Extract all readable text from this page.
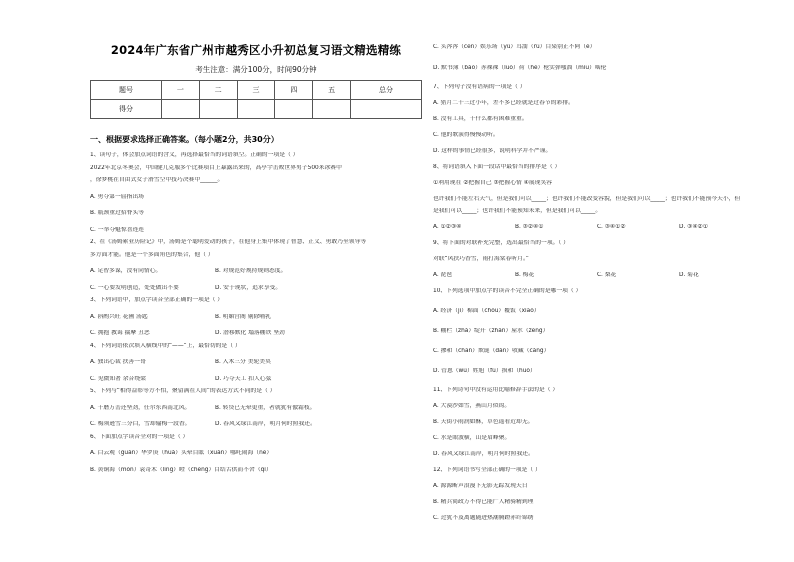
2024年广东省广州市越秀区小升初总复习语文精选精练
考生注意：满分100分，时间90分钟
题号	一	二	三	四	五	总分
得分						
一、根据要求选择正确答案。（每小题2分，共30分）
1、读句子，体会加点词语的含义，再选择最恰当的词语填空。正确的一项是（ ）
2022年北京冬奥会，中国健儿克服多个比赛项目上暴露出来的，高亭宇击败世界男子500米冰赛中
，徐梦桃在自由式女子滑雪空中技巧决赛中______。
A. 勇夺第一屈指出场
B. 瓶颈重过招脊头等
C. 一举夺魁惊喜连连
2、在《汤姆索亚历险记》中，汤姆是个聪明爱动的孩子，在他身上集中体现了智慧、正义、勇敢乃至领导等
多方面才能。他是一个多面角色的集合，他（ ）
A. 足智多谋，没有同情心。	B. 对规范好规持规则态度。
C. 一心要发明创造，处处做出不要	D. 安于现状，追求享受。
3、下列词语中，加点字读音全部正确的一项是（ ）
A. 斟酌兴旺 花圃 汤匙	B. 明媚宫阁 剔除哺乳
C. 拥抱 教诲 揣摩 丑恶	D. 潜移默化 塌落棚铁 坚劲
4、下列词语依次填入横线中的“——”上，最恰切的是（ ）
A. 独出心裁 扶善一哥	B. 入木三分 美轮美奂
C. 见微知著 余音绕梁	D. 巧夺天工 扣人心弦
5、下列与“相得益彰等方不怕，聚留满在人间”的表达方式不同的是（ ）
A. 千磨万击还坚劲，任尔东西南北风。	B. 转贷已无晕更重，者就犹有傲霜枝。
C. 梅须逊雪三分白，雪却输梅一段香。	D. 春风又绿江南岸，明月何时照我还。
6、下面加点字读音全对的一项是（ ）
A. 白云观（guàn）华罗庚（huà）头晕目眩（xuàn）哪吒闹海（né）
B. 黄铜海（mǒn）袁奇术（líng）瞪（chēng）目结舌供而不舍（qì）
C. 头涔涔（cén）娱乐场（yú）耳濡（rú）目染别正不阿（ē）
D. 默书簿（bào）赤裸裸（luǒ）荷（hè）枪实弹嗤溜（mǐu）啮伦
7、下列句子没有语病的一项是（ ）
A. 猎月二十三过小年，差不多已经就是过春节的彩排。
B. 没有工具，干什么都有困难重重。
C. 他的歌演得慢慢动听。
D. 这样的事情已经很多，说明科学并不严谨。
8、将词语填入下面一段话中最恰当的排序是（ ）
①利用现在 ②把握自己 ③把握心情 ④展现笑容
也许我们不能左右天气，但是我们可以_____；也许我们不能改变容貌，但是我们可以_____；也许我们不能预今天小，但
是我们可以_____；也许我们不能预知未来，但是我们可以_____。
A. ①②③④	B. ③②④①	C. ③④①②	D. ③④②①
9、将下面的对联补充完整，选出最恰当的一项。（ ）
对联“风扶巧香雪，雨打海棠春听月。”
A. 琵琶	B. 梅花	C. 梨花	D. 菊花
10、下列选项中加点字的读音不完全正确的是哪一项（ ）
A. 经济（jì）棉面（chóu）覆饭（xiāo）
B. 棚栏（zhà）绽开（zhàn）屋水（zēng）
C. 掺和（chān）欺诞（dàn）收藏（cáng）
D. 管恩（wù）姓旭（fú）损和（huò）
11、下列诗句中没有运用比喻修辞手法的是（ ）
A. 大漠沙如雪，燕山月似钩。
B. 天街小雨润如酥，草色遥看近却无。
C. 水是眼波横，山是眉峰聚。
D. 春风又绿江南岸，明月何时照我还。
12、下列词语书写全部正确的一项是（ ）
A. 源源断声浪漫下无影无踪发现天日
B. 精兵简政万不得已能广人精骑精到理
C. 过犹不及离题随进热潮腾蹬赤纤锦绣
